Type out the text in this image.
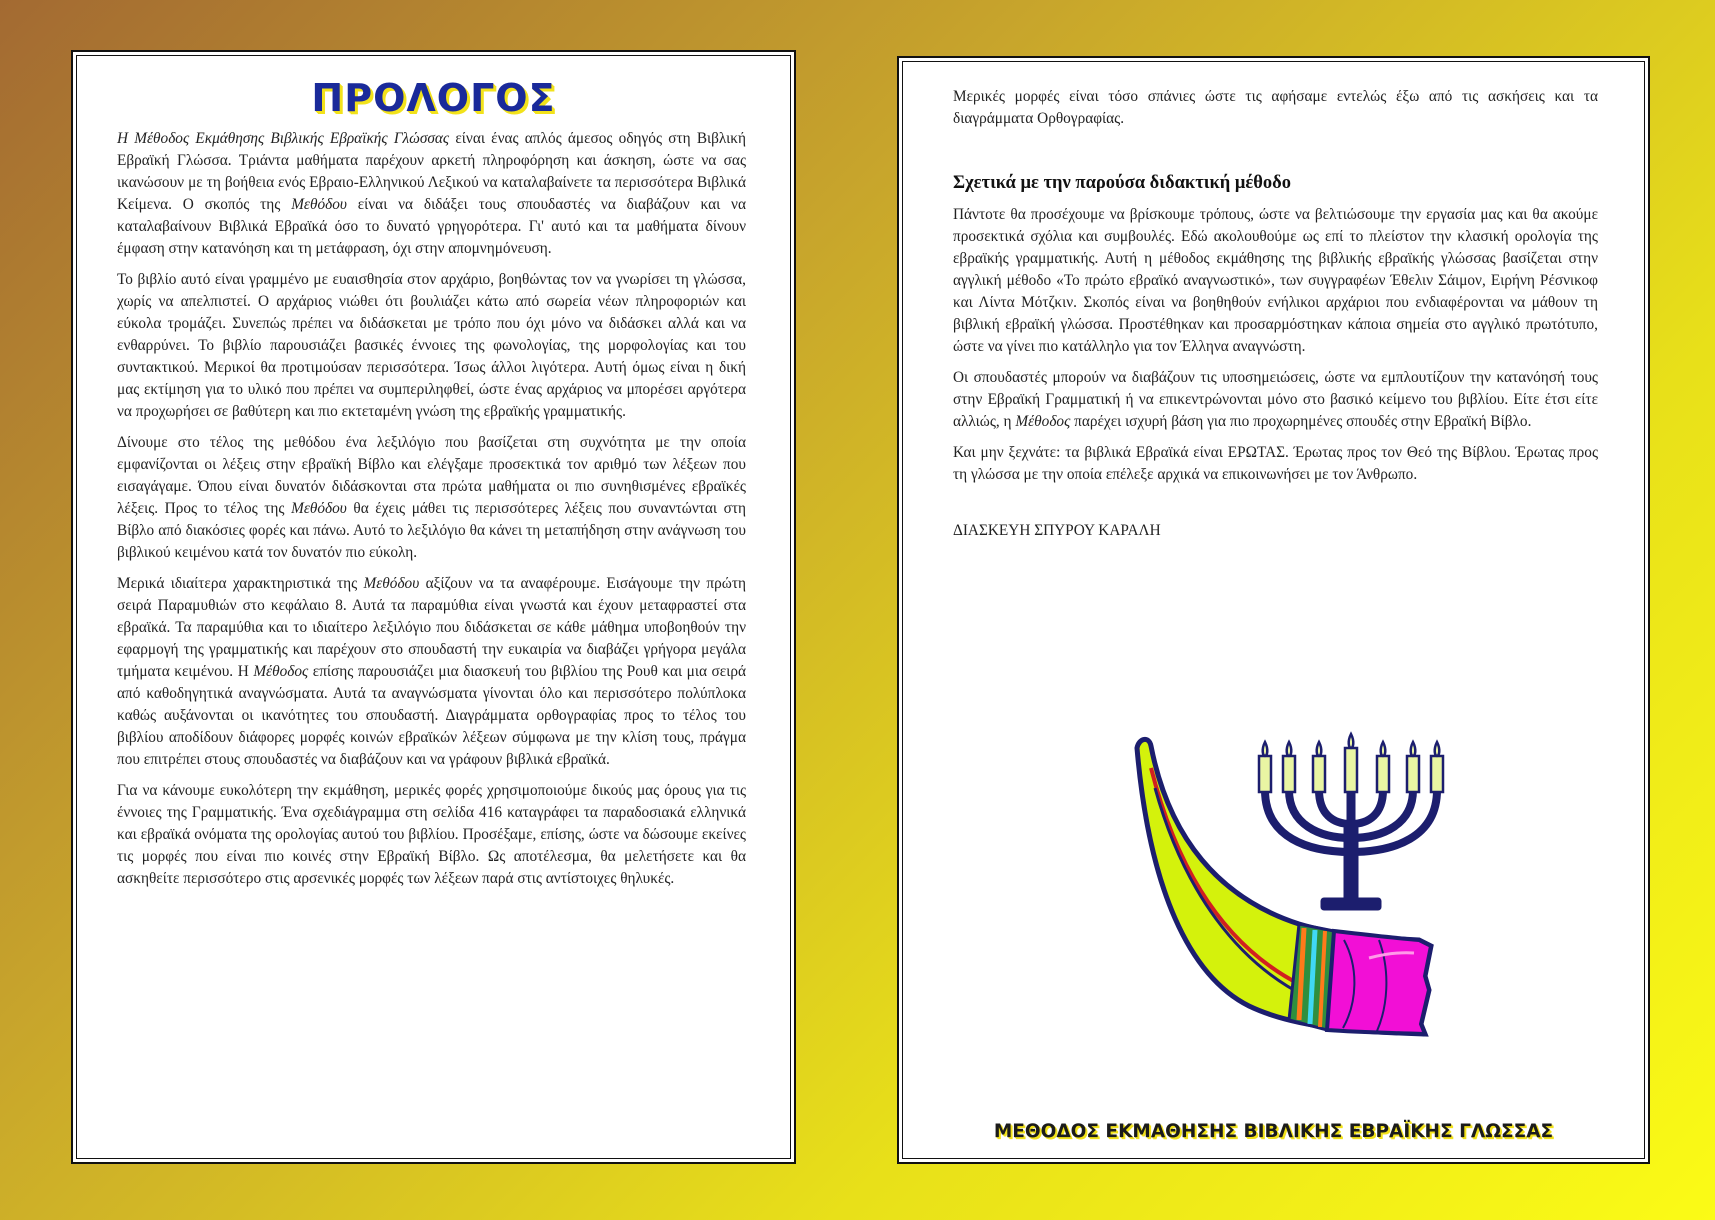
ΠΡΟΛΟΓΟΣ

Η Μέθοδος Εκμάθησης Βιβλικής Εβραϊκής Γλώσσας είναι ένας απλός άμεσος οδηγός στη Βιβλική Εβραϊκή Γλώσσα. Τριάντα μαθήματα παρέχουν αρκετή πληροφόρηση και άσκηση, ώστε να σας ικανώσουν με τη βοήθεια ενός Εβραιο-Ελληνικού Λεξικού να καταλαβαίνετε τα περισσότερα Βιβλικά Κείμενα. Ο σκοπός της Μεθόδου είναι να διδάξει τους σπουδαστές να διαβάζουν και να καταλαβαίνουν Βιβλικά Εβραϊκά όσο το δυνατό γρηγορότερα. Γι' αυτό και τα μαθήματα δίνουν έμφαση στην κατανόηση και τη μετάφραση, όχι στην απομνημόνευση.

Το βιβλίο αυτό είναι γραμμένο με ευαισθησία στον αρχάριο, βοηθώντας τον να γνωρίσει τη γλώσσα, χωρίς να απελπιστεί. Ο αρχάριος νιώθει ότι βουλιάζει κάτω από σωρεία νέων πληροφοριών και εύκολα τρομάζει. Συνεπώς πρέπει να διδάσκεται με τρόπο που όχι μόνο να διδάσκει αλλά και να ενθαρρύνει. Το βιβλίο παρουσιάζει βασικές έννοιες της φωνολογίας, της μορφολογίας και του συντακτικού. Μερικοί θα προτιμούσαν περισσότερα. Ίσως άλλοι λιγότερα. Αυτή όμως είναι η δική μας εκτίμηση για το υλικό που πρέπει να συμπεριληφθεί, ώστε ένας αρχάριος να μπορέσει αργότερα να προχωρήσει σε βαθύτερη και πιο εκτεταμένη γνώση της εβραϊκής γραμματικής.

Δίνουμε στο τέλος της μεθόδου ένα λεξιλόγιο που βασίζεται στη συχνότητα με την οποία εμφανίζονται οι λέξεις στην εβραϊκή Βίβλο και ελέγξαμε προσεκτικά τον αριθμό των λέξεων που εισαγάγαμε. Όπου είναι δυνατόν διδάσκονται στα πρώτα μαθήματα οι πιο συνηθισμένες εβραϊκές λέξεις. Προς το τέλος της Μεθόδου θα έχεις μάθει τις περισσότερες λέξεις που συναντώνται στη Βίβλο από διακόσιες φορές και πάνω. Αυτό το λεξιλόγιο θα κάνει τη μεταπήδηση στην ανάγνωση του βιβλικού κειμένου κατά τον δυνατόν πιο εύκολη.

Μερικά ιδιαίτερα χαρακτηριστικά της Μεθόδου αξίζουν να τα αναφέρουμε. Εισάγουμε την πρώτη σειρά Παραμυθιών στο κεφάλαιο 8. Αυτά τα παραμύθια είναι γνωστά και έχουν μεταφραστεί στα εβραϊκά. Τα παραμύθια και το ιδιαίτερο λεξιλόγιο που διδάσκεται σε κάθε μάθημα υποβοηθούν την εφαρμογή της γραμματικής και παρέχουν στο σπουδαστή την ευκαιρία να διαβάζει γρήγορα μεγάλα τμήματα κειμένου. Η Μέθοδος επίσης παρουσιάζει μια διασκευή του βιβλίου της Ρουθ και μια σειρά από καθοδηγητικά αναγνώσματα. Αυτά τα αναγνώσματα γίνονται όλο και περισσότερο πολύπλοκα καθώς αυξάνονται οι ικανότητες του σπουδαστή. Διαγράμματα ορθογραφίας προς το τέλος του βιβλίου αποδίδουν διάφορες μορφές κοινών εβραϊκών λέξεων σύμφωνα με την κλίση τους, πράγμα που επιτρέπει στους σπουδαστές να διαβάζουν και να γράφουν βιβλικά εβραϊκά.

Για να κάνουμε ευκολότερη την εκμάθηση, μερικές φορές χρησιμοποιούμε δικούς μας όρους για τις έννοιες της Γραμματικής. Ένα σχεδιάγραμμα στη σελίδα 416 καταγράφει τα παραδοσιακά ελληνικά και εβραϊκά ονόματα της ορολογίας αυτού του βιβλίου. Προσέξαμε, επίσης, ώστε να δώσουμε εκείνες τις μορφές που είναι πιο κοινές στην Εβραϊκή Βίβλο. Ως αποτέλεσμα, θα μελετήσετε και θα ασκηθείτε περισσότερο στις αρσενικές μορφές των λέξεων παρά στις αντίστοιχες θηλυκές.

Μερικές μορφές είναι τόσο σπάνιες ώστε τις αφήσαμε εντελώς έξω από τις ασκήσεις και τα διαγράμματα Ορθογραφίας.

Σχετικά με την παρούσα διδακτική μέθοδο

Πάντοτε θα προσέχουμε να βρίσκουμε τρόπους, ώστε να βελτιώσουμε την εργασία μας και θα ακούμε προσεκτικά σχόλια και συμβουλές. Εδώ ακολουθούμε ως επί το πλείστον την κλασική ορολογία της εβραϊκής γραμματικής. Αυτή η μέθοδος εκμάθησης της βιβλικής εβραϊκής γλώσσας βασίζεται στην αγγλική μέθοδο «Το πρώτο εβραϊκό αναγνωστικό», των συγγραφέων Έθελιν Σάιμον, Ειρήνη Ρέσνικοφ και Λίντα Μότζκιν. Σκοπός είναι να βοηθηθούν ενήλικοι αρχάριοι που ενδιαφέρονται να μάθουν τη βιβλική εβραϊκή γλώσσα. Προστέθηκαν και προσαρμόστηκαν κάποια σημεία στο αγγλικό πρωτότυπο, ώστε να γίνει πιο κατάλληλο για τον Έλληνα αναγνώστη.

Οι σπουδαστές μπορούν να διαβάζουν τις υποσημειώσεις, ώστε να εμπλουτίζουν την κατανόησή τους στην Εβραϊκή Γραμματική ή να επικεντρώνονται μόνο στο βασικό κείμενο του βιβλίου. Είτε έτσι είτε αλλιώς, η Μέθοδος παρέχει ισχυρή βάση για πιο προχωρημένες σπουδές στην Εβραϊκή Βίβλο.

Και μην ξεχνάτε: τα βιβλικά Εβραϊκά είναι ΕΡΩΤΑΣ. Έρωτας προς τον Θεό της Βίβλου. Έρωτας προς τη γλώσσα με την οποία επέλεξε αρχικά να επικοινωνήσει με τον Άνθρωπο.

ΔΙΑΣΚΕΥΗ ΣΠΥΡΟΥ ΚΑΡΑΛΗ

ΜΕΘΟΔΟΣ ΕΚΜΑΘΗΣΗΣ ΒΙΒΛΙΚΗΣ ΕΒΡΑΪΚΗΣ ΓΛΩΣΣΑΣ
